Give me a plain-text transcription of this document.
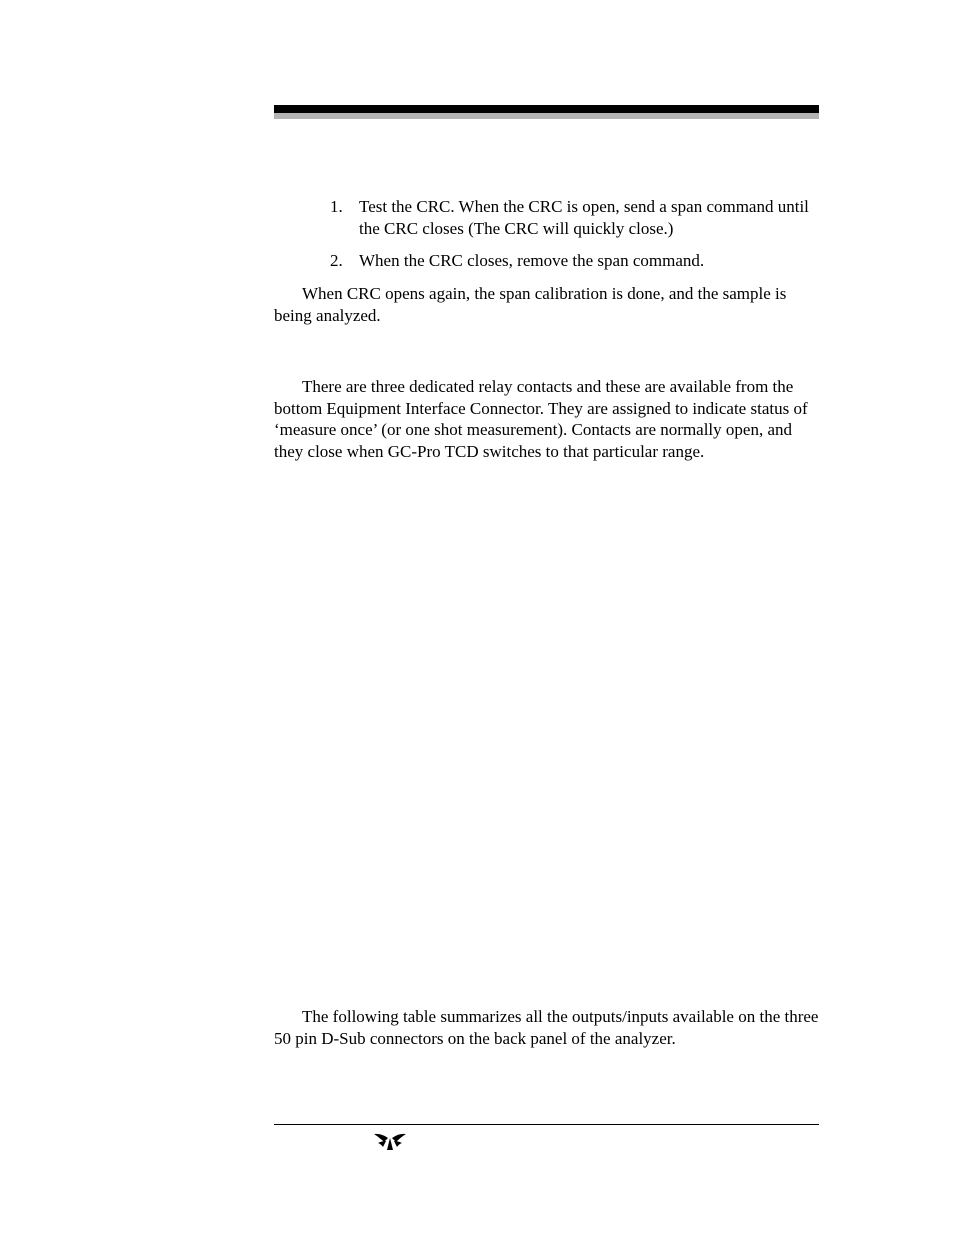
1. Test the CRC. When the CRC is open, send a span command until the CRC closes (The CRC will quickly close.)
2. When the CRC closes, remove the span command.

When CRC opens again, the span calibration is done, and the sample is being analyzed.

There are three dedicated relay contacts and these are available from the bottom Equipment Interface Connector. They are assigned to indicate status of ‘measure once’ (or one shot measurement). Contacts are normally open, and they close when GC-Pro TCD switches to that particular range.

The following table summarizes all the outputs/inputs available on the three 50 pin D-Sub connectors on the back panel of the analyzer.
